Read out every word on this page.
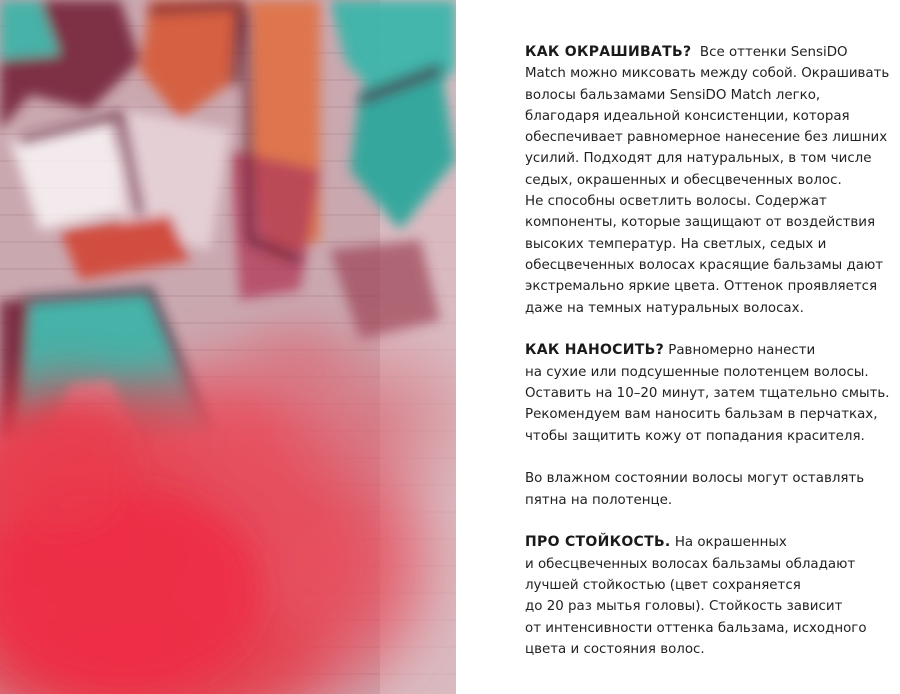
КАК ОКРАШИВАТЬ? Все оттенки SensiDO
Match можно миксовать между собой. Окрашивать
волосы бальзамами SensiDO Match легко,
благодаря идеальной консистенции, которая
обеспечивает равномерное нанесение без лишних
усилий. Подходят для натуральных, в том числе
седых, окрашенных и обесцвеченных волос.
Не способны осветлить волосы. Содержат
компоненты, которые защищают от воздействия
высоких температур. На светлых, седых и
обесцвеченных волосах красящие бальзамы дают
экстремально яркие цвета. Оттенок проявляется
даже на темных натуральных волосах.

КАК НАНОСИТЬ? Равномерно нанести
на сухие или подсушенные полотенцем волосы.
Оставить на 10–20 минут, затем тщательно смыть.
Рекомендуем вам наносить бальзам в перчатках,
чтобы защитить кожу от попадания красителя.

Во влажном состоянии волосы могут оставлять
пятна на полотенце.

ПРО СТОЙКОСТЬ. На окрашенных
и обесцвеченных волосах бальзамы обладают
лучшей стойкостью (цвет сохраняется
до 20 раз мытья головы). Стойкость зависит
от интенсивности оттенка бальзама, исходного
цвета и состояния волос.
